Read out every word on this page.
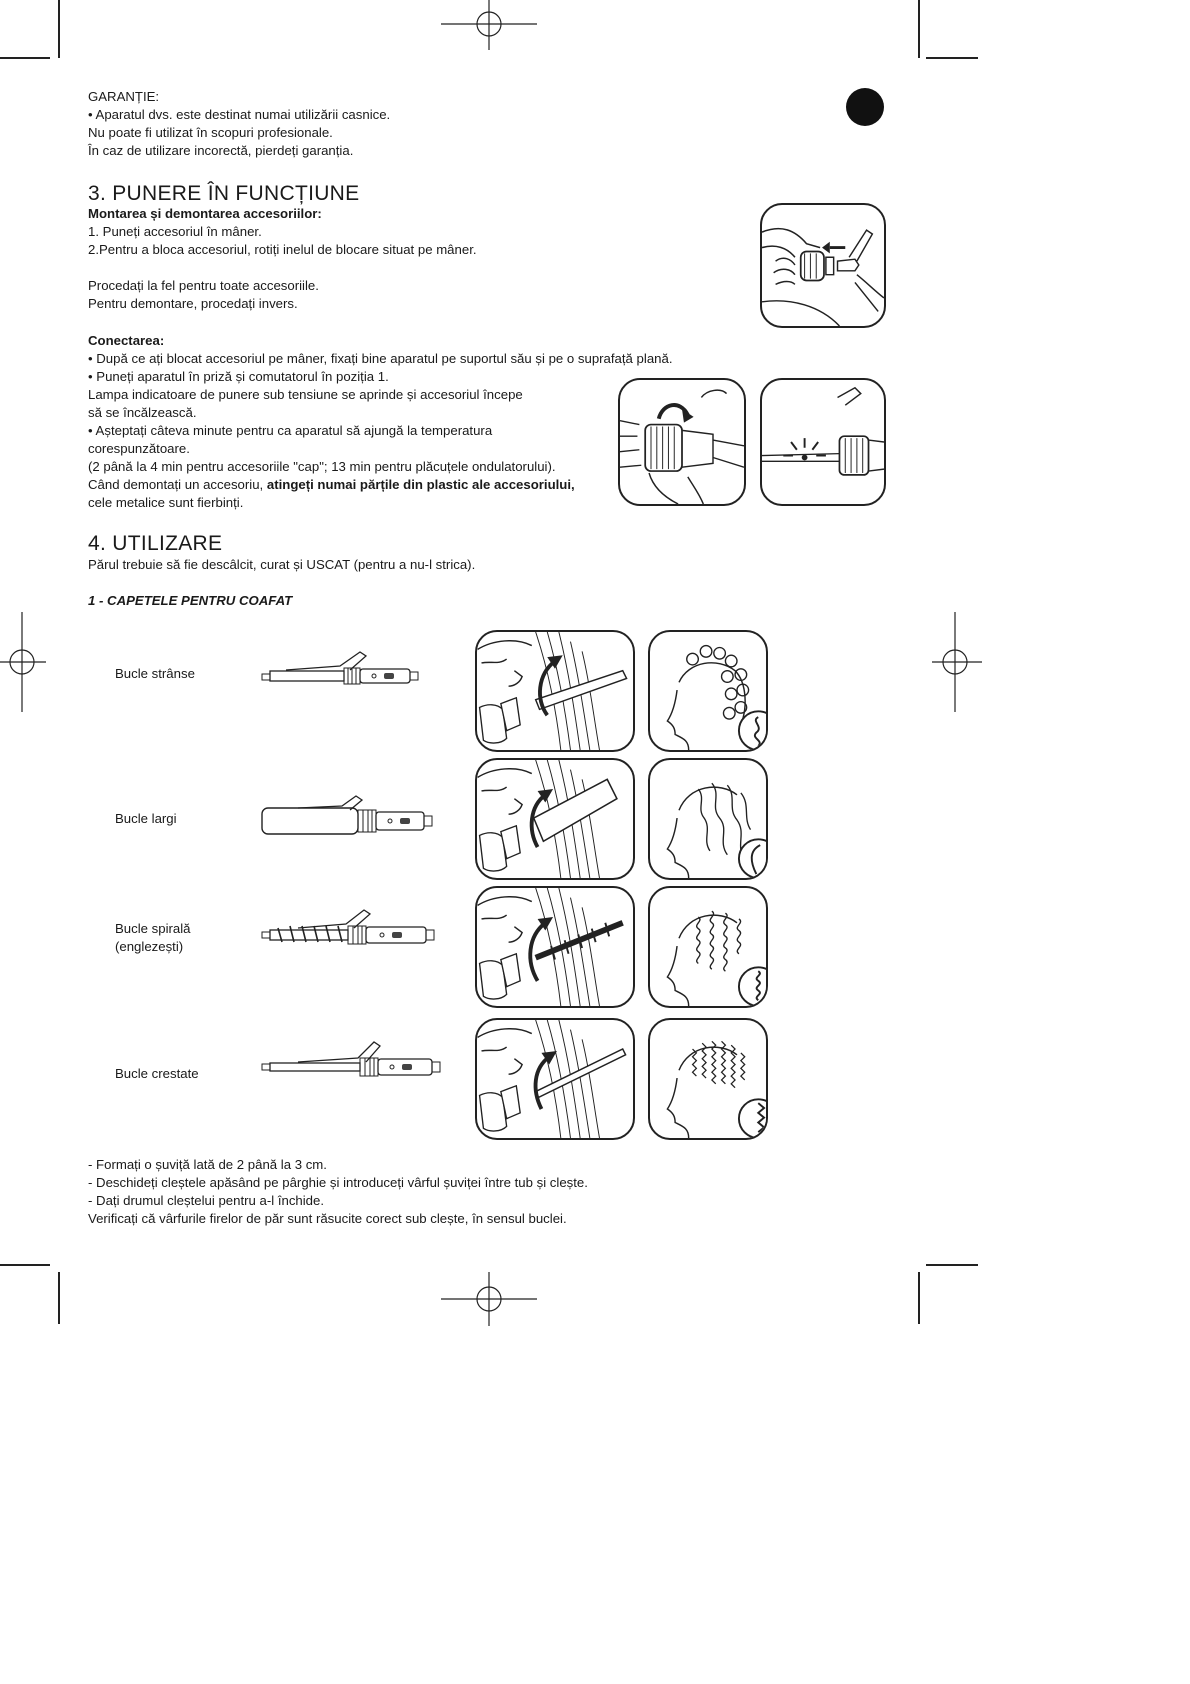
GARANȚIE:
• Aparatul dvs. este destinat numai utilizării casnice.
Nu poate fi utilizat în scopuri profesionale.
În caz de utilizare incorectă, pierdeți garanția.
3. PUNERE ÎN FUNCȚIUNE
Montarea și demontarea accesoriilor:
1. Puneți accesoriul în mâner.
2.Pentru a bloca accesoriul, rotiți inelul de blocare situat pe mâner.
Procedați la fel pentru toate accesoriile.
Pentru demontare, procedați invers.
Conectarea:
• După ce ați blocat accesoriul pe mâner, fixați bine aparatul pe suportul său și pe o suprafață plană.
• Puneți aparatul în priză și comutatorul în poziția 1.
Lampa indicatoare de punere sub tensiune se aprinde și accesoriul începe
să se încălzească.
• Așteptați câteva minute pentru ca aparatul să ajungă la temperatura
corespunzătoare.
(2 până la 4 min pentru accesoriile "cap"; 13 min pentru plăcuțele ondulatorului).
Când demontați un accesoriu, atingeți numai părțile din plastic ale accesoriului,
cele metalice sunt fierbinți.
4. UTILIZARE
Părul trebuie să fie descâlcit, curat și USCAT (pentru a nu-l strica).
1 - CAPETELE PENTRU COAFAT
Bucle strânse
Bucle largi
Bucle spirală
(englezești)
Bucle crestate
- Formați o șuviță lată de 2 până la 3 cm.
- Deschideți cleștele apăsând pe pârghie și introduceți vârful șuviței între tub și clește.
- Dați drumul cleștelui pentru a-l închide.
Verificați că vârfurile firelor de păr sunt răsucite corect sub clește, în sensul buclei.
